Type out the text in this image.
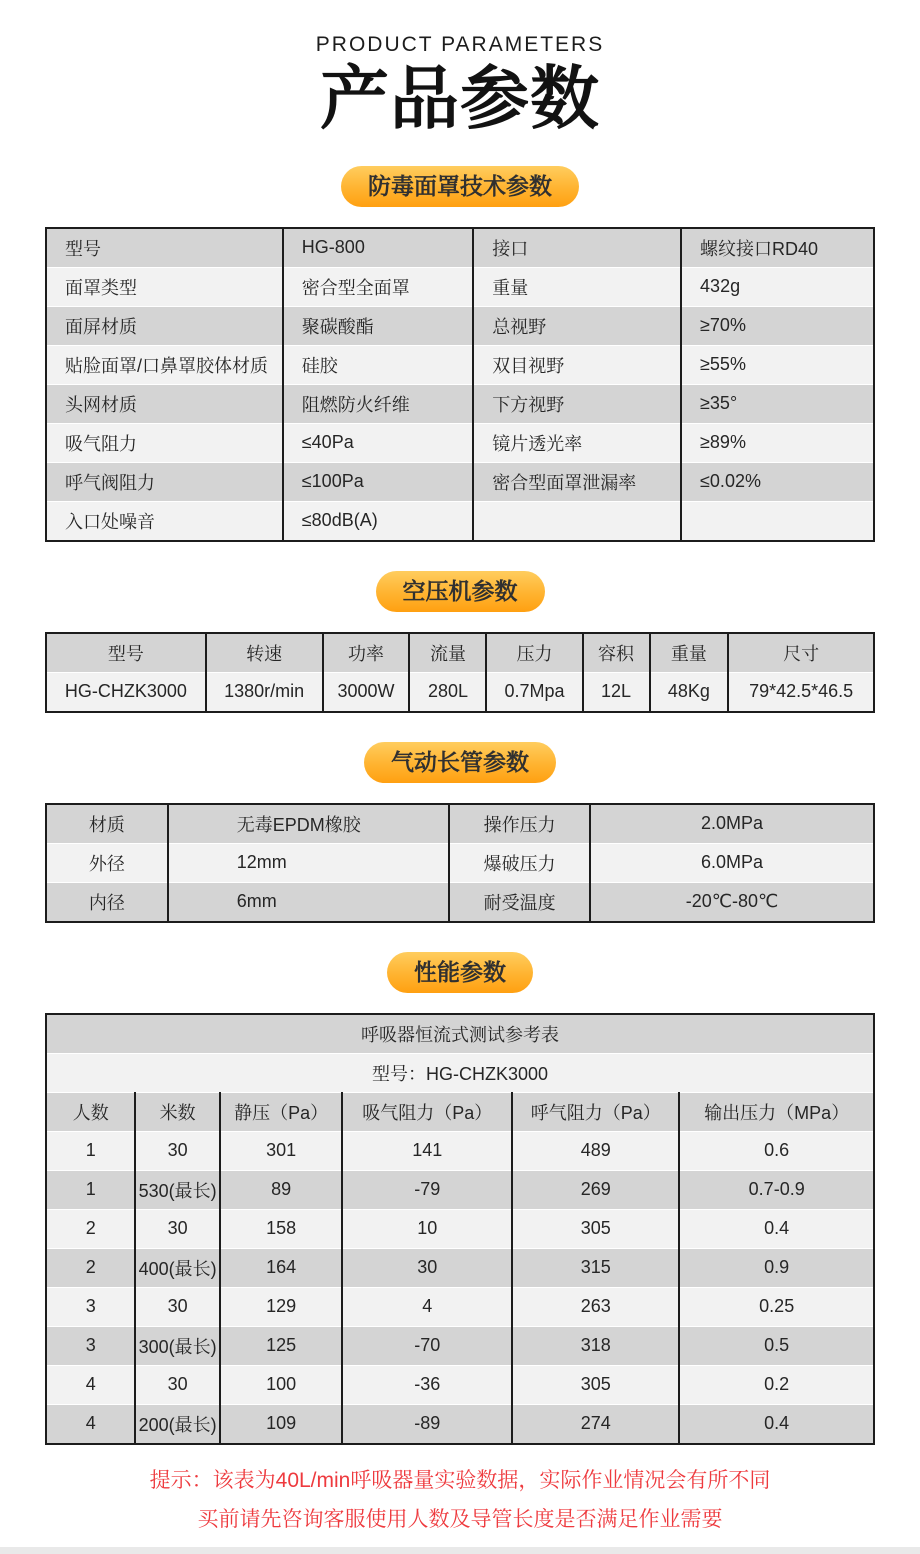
PRODUCT PARAMETERS
产品参数
防毒面罩技术参数
型号	HG-800	接口	螺纹接口RD40
面罩类型	密合型全面罩	重量	432g
面屏材质	聚碳酸酯	总视野	≥70%
贴脸面罩/口鼻罩胶体材质	硅胶	双目视野	≥55%
头网材质	阻燃防火纤维	下方视野	≥35°
吸气阻力	≤40Pa	镜片透光率	≥89%
呼气阀阻力	≤100Pa	密合型面罩泄漏率	≤0.02%
入口处噪音	≤80dB(A)		
空压机参数
型号	转速	功率	流量	压力	容积	重量	尺寸
HG-CHZK3000	1380r/min	3000W	280L	0.7Mpa	12L	48Kg	79*42.5*46.5
气动长管参数
材质	无毒EPDM橡胶	操作压力	2.0MPa
外径	12mm	爆破压力	6.0MPa
内径	6mm	耐受温度	-20℃-80℃
性能参数
呼吸器恒流式测试参考表					
型号：HG-CHZK3000					
人数	米数	静压（Pa）	吸气阻力（Pa）	呼气阻力（Pa）	输出压力（MPa）
1	30	301	141	489	0.6
1	530(最长)	89	-79	269	0.7-0.9
2	30	158	10	305	0.4
2	400(最长)	164	30	315	0.9
3	30	129	4	263	0.25
3	300(最长)	125	-70	318	0.5
4	30	100	-36	305	0.2
4	200(最长)	109	-89	274	0.4

提示：该表为40L/min呼吸器量实验数据，实际作业情况会有所不同

买前请先咨询客服使用人数及导管长度是否满足作业需要
